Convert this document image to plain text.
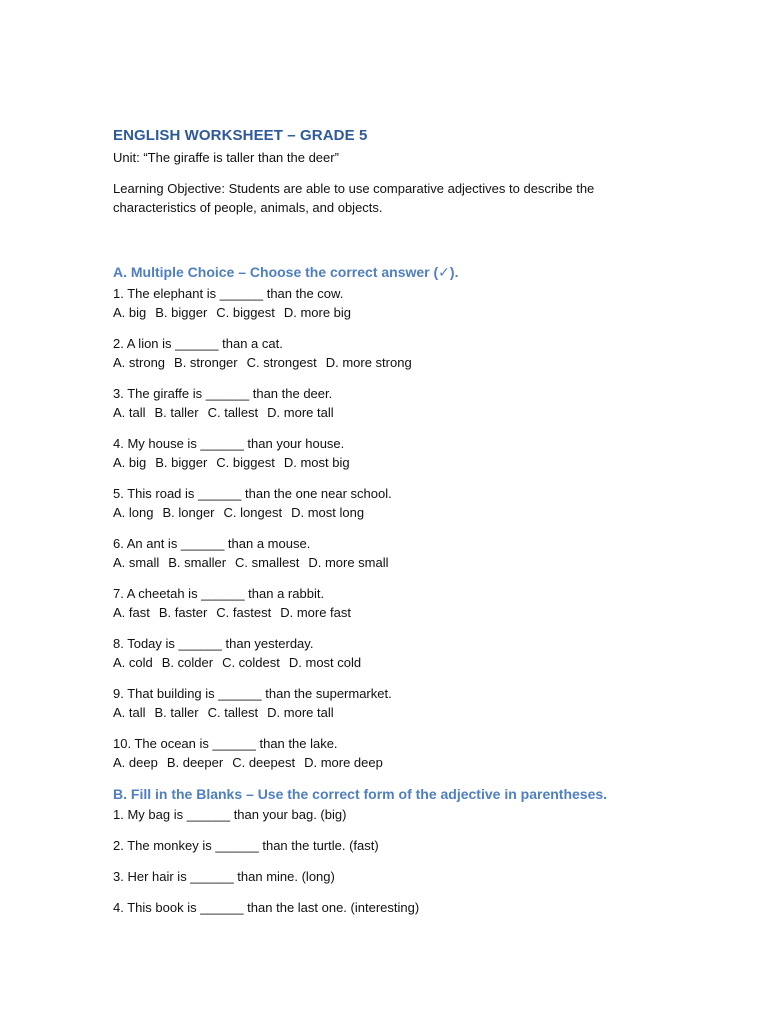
ENGLISH WORKSHEET – GRADE 5

Unit: “The giraffe is taller than the deer”

Learning Objective: Students are able to use comparative adjectives to describe the characteristics of people, animals, and objects.

A. Multiple Choice – Choose the correct answer (✓).
1. The elephant is ______ than the cow.
A. big B. bigger C. biggest D. more big
2. A lion is ______ than a cat.
A. strong B. stronger C. strongest D. more strong
3. The giraffe is ______ than the deer.
A. tall B. taller C. tallest D. more tall
4. My house is ______ than your house.
A. big B. bigger C. biggest D. most big
5. This road is ______ than the one near school.
A. long B. longer C. longest D. most long
6. An ant is ______ than a mouse.
A. small B. smaller C. smallest D. more small
7. A cheetah is ______ than a rabbit.
A. fast B. faster C. fastest D. more fast
8. Today is ______ than yesterday.
A. cold B. colder C. coldest D. most cold
9. That building is ______ than the supermarket.
A. tall B. taller C. tallest D. more tall
10. The ocean is ______ than the lake.
A. deep B. deeper C. deepest D. more deep
B. Fill in the Blanks – Use the correct form of the adjective in parentheses.
1. My bag is ______ than your bag. (big)
2. The monkey is ______ than the turtle. (fast)
3. Her hair is ______ than mine. (long)
4. This book is ______ than the last one. (interesting)
